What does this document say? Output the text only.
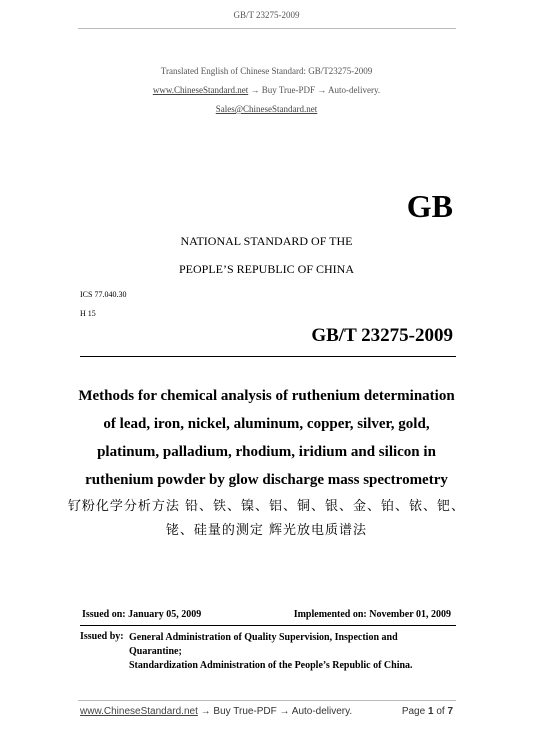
GB/T 23275-2009
Translated English of Chinese Standard: GB/T23275-2009
www.ChineseStandard.net → Buy True-PDF → Auto-delivery.
Sales@ChineseStandard.net
GB
NATIONAL STANDARD OF THE
PEOPLE’S REPUBLIC OF CHINA
ICS 77.040.30
H 15
GB/T 23275-2009
Methods for chemical analysis of ruthenium determination
of lead, iron, nickel, aluminum, copper, silver, gold,
platinum, palladium, rhodium, iridium and silicon in
ruthenium powder by glow discharge mass spectrometry
钌粉化学分析方法 铅、铁、镍、铝、铜、银、金、铂、铱、钯、
铑、硅量的测定 辉光放电质谱法
Issued on: January 05, 2009	Implemented on: November 01, 2009
Issued by: General Administration of Quality Supervision, Inspection and
Quarantine;
Standardization Administration of the People’s Republic of China.
www.ChineseStandard.net → Buy True-PDF → Auto-delivery.	Page 1 of 7
